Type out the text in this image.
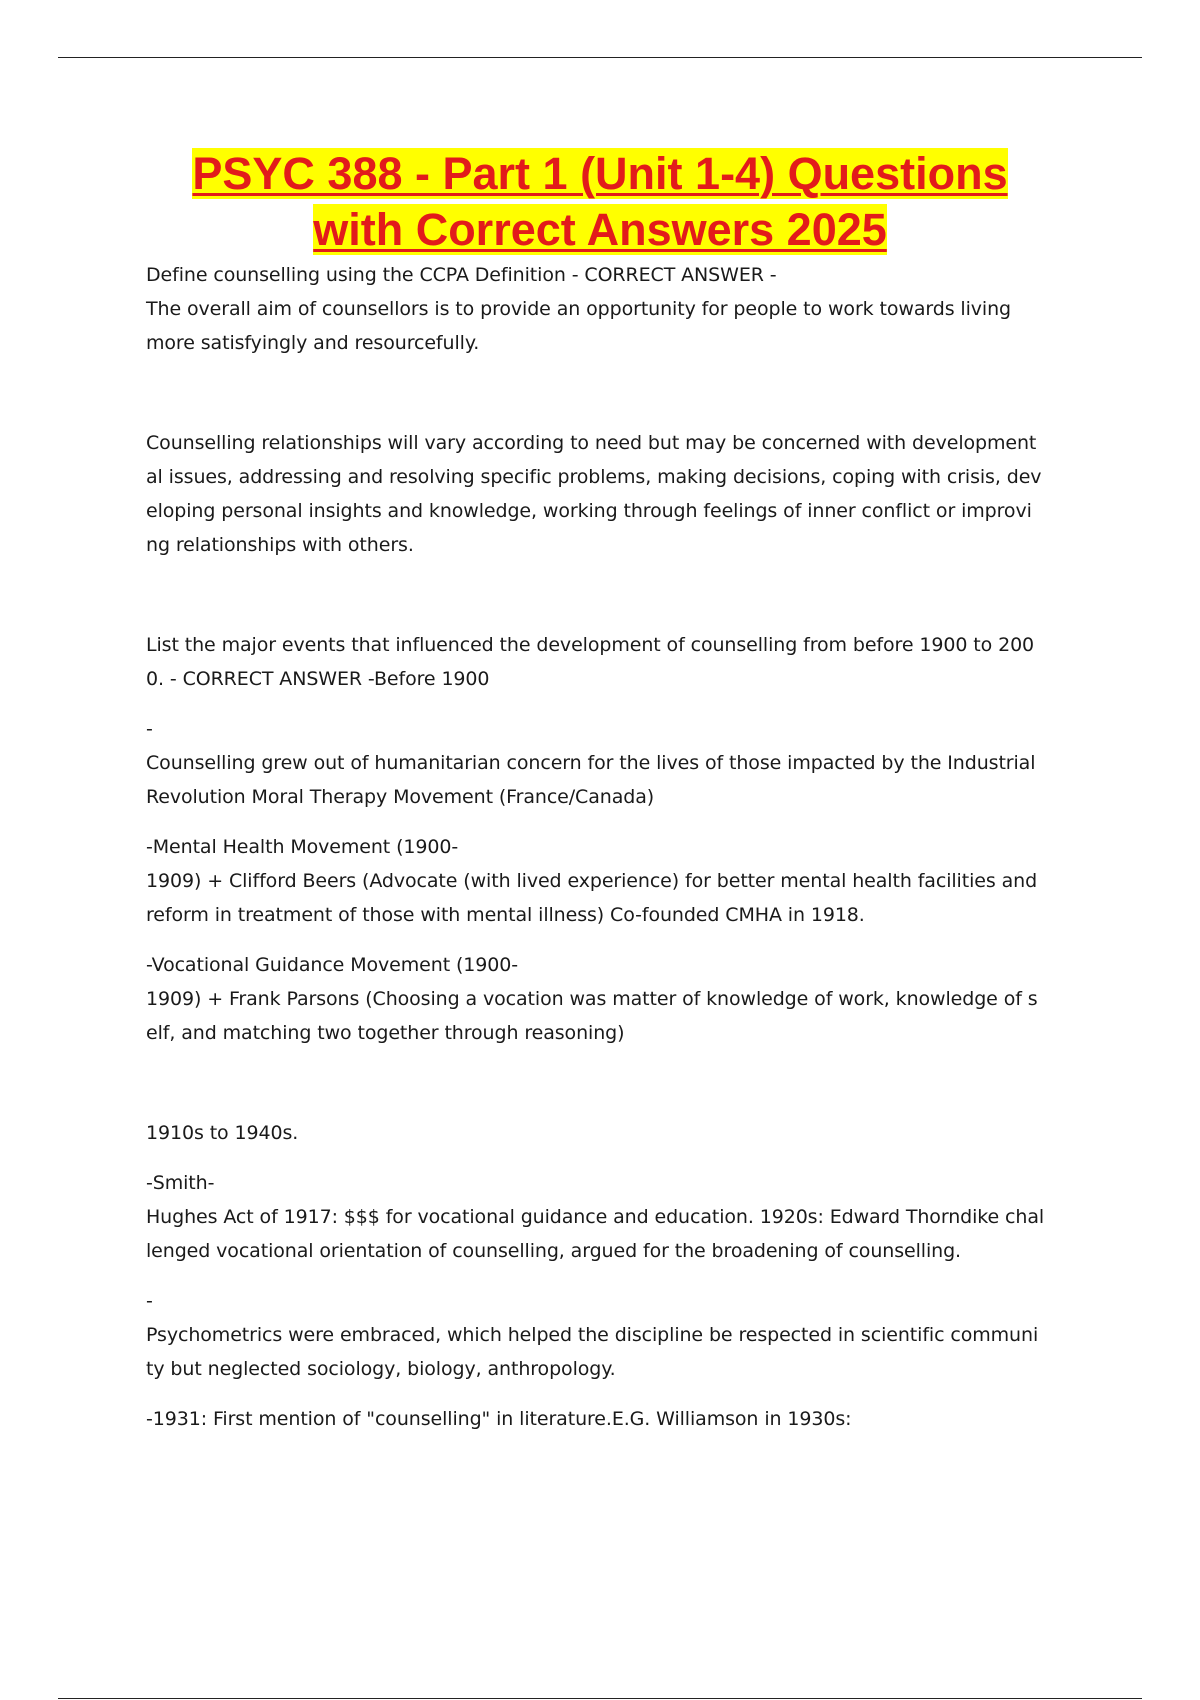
PSYC 388 - Part 1 (Unit 1-4) Questions
with Correct Answers 2025

Define counselling using the CCPA Definition - CORRECT ANSWER -
The overall aim of counsellors is to provide an opportunity for people to work towards living
more satisfyingly and resourcefully.

Counselling relationships will vary according to need but may be concerned with development
al issues, addressing and resolving specific problems, making decisions, coping with crisis, dev
eloping personal insights and knowledge, working through feelings of inner conflict or improvi
ng relationships with others.

List the major events that influenced the development of counselling from before 1900 to 200
0. - CORRECT ANSWER -Before 1900

-

Counselling grew out of humanitarian concern for the lives of those impacted by the Industrial
Revolution Moral Therapy Movement (France/Canada)

-Mental Health Movement (1900-
1909) + Clifford Beers (Advocate (with lived experience) for better mental health facilities and
reform in treatment of those with mental illness) Co-founded CMHA in 1918.

-Vocational Guidance Movement (1900-
1909) + Frank Parsons (Choosing a vocation was matter of knowledge of work, knowledge of s
elf, and matching two together through reasoning)

1910s to 1940s.

-Smith-
Hughes Act of 1917: $$$ for vocational guidance and education. 1920s: Edward Thorndike chal
lenged vocational orientation of counselling, argued for the broadening of counselling.

-

Psychometrics were embraced, which helped the discipline be respected in scientific communi
ty but neglected sociology, biology, anthropology.

-1931: First mention of "counselling" in literature.E.G. Williamson in 1930s:
